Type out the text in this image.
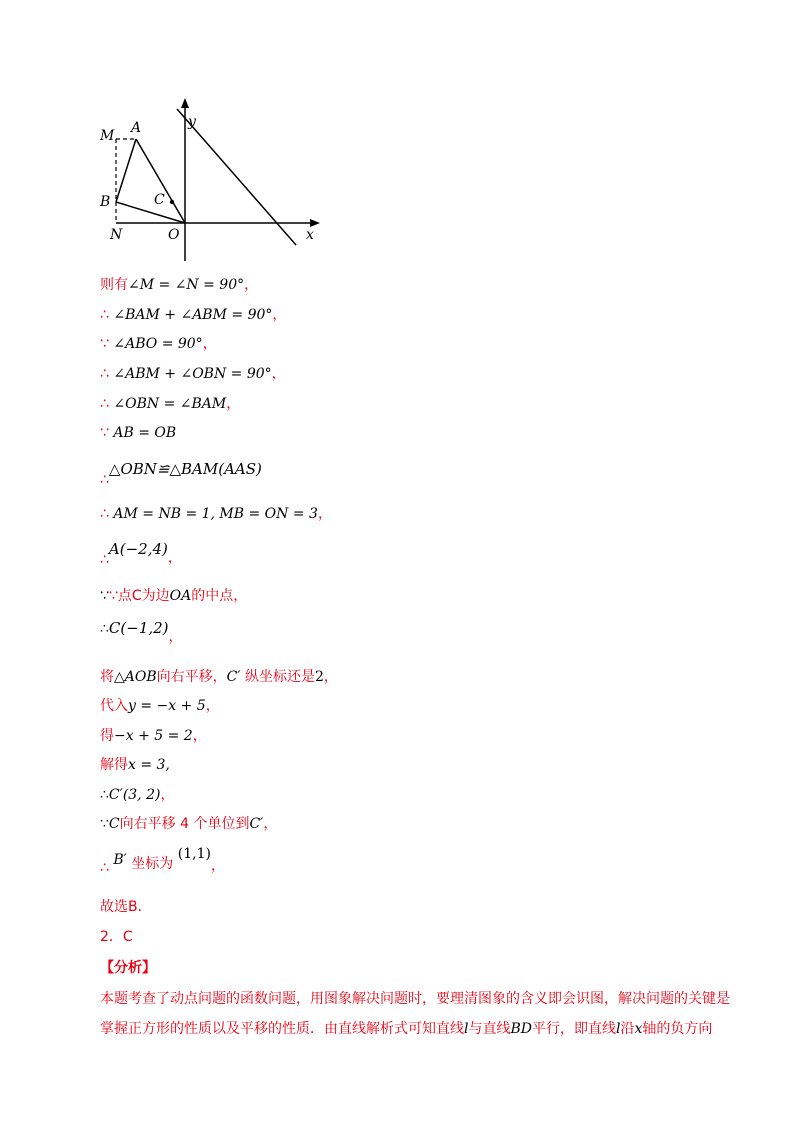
M A
B	C
N	O	x
y
则有∠M = ∠N = 90°，
∴ ∠BAM + ∠ABM = 90°，
∵ ∠ABO = 90°，
∴ ∠ABM + ∠OBN = 90°，
∴ ∠OBN = ∠BAM，
∵ AB = OB
∴△OBN≌△BAM(AAS)
∴ AM = NB = 1, MB = ON = 3，
∴A(−2,4)，
∵∵点C为边OA的中点，
∴C(−1,2)，
将△AOB向右平移，C′ 纵坐标还是2，
代入y = −x + 5，
得−x + 5 = 2，
解得x = 3,
∴C′(3, 2)，
∵C向右平移 4 个单位到C′，
∴ B′ 坐标为 (1,1)，
故选B．
2．C
【分析】
本题考查了动点问题的函数问题，用图象解决问题时，要理清图象的含义即会识图，解决问题的关键是掌握正方形的性质以及平移的性质．由直线解析式可知直线l与直线BD平行，即直线l沿x轴的负方向
